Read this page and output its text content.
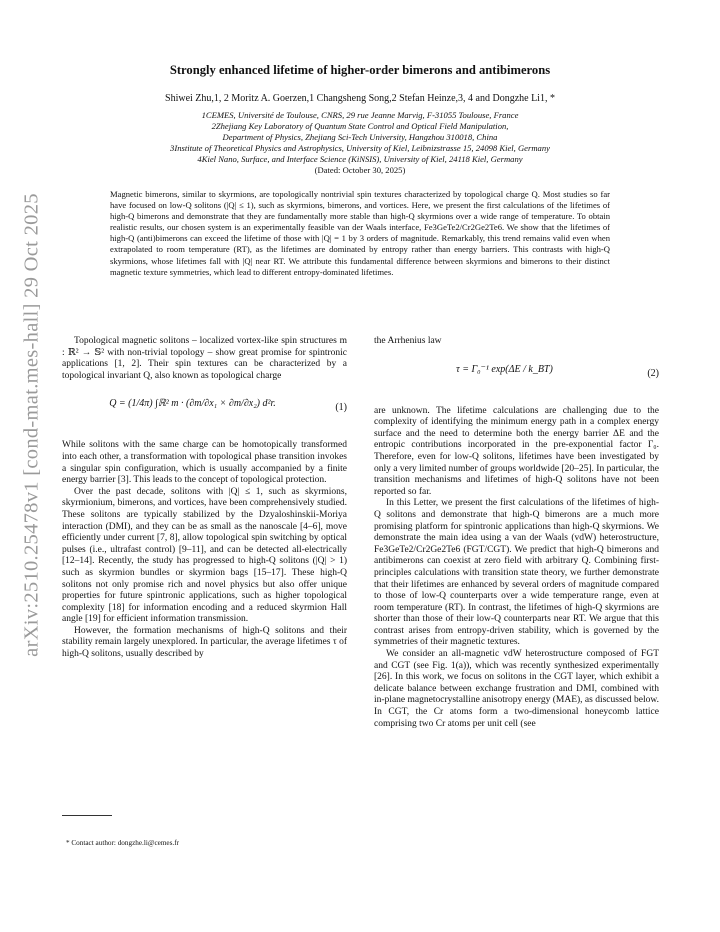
arXiv:2510.25478v1 [cond-mat.mes-hall] 29 Oct 2025
Strongly enhanced lifetime of higher-order bimerons and antibimerons
Shiwei Zhu,1, 2 Moritz A. Goerzen,1 Changsheng Song,2 Stefan Heinze,3, 4 and Dongzhe Li1, *
1CEMES, Université de Toulouse, CNRS, 29 rue Jeanne Marvig, F-31055 Toulouse, France
2Zhejiang Key Laboratory of Quantum State Control and Optical Field Manipulation,
Department of Physics, Zhejiang Sci-Tech University, Hangzhou 310018, China
3Institute of Theoretical Physics and Astrophysics, University of Kiel, Leibnizstrasse 15, 24098 Kiel, Germany
4Kiel Nano, Surface, and Interface Science (KiNSIS), University of Kiel, 24118 Kiel, Germany
(Dated: October 30, 2025)
Magnetic bimerons, similar to skyrmions, are topologically nontrivial spin textures characterized by topological charge Q. Most studies so far have focused on low-Q solitons (|Q| ≤ 1), such as skyrmions, bimerons, and vortices. Here, we present the first calculations of the lifetimes of high-Q bimerons and demonstrate that they are fundamentally more stable than high-Q skyrmions over a wide range of temperature. To obtain realistic results, our chosen system is an experimentally feasible van der Waals interface, Fe3GeTe2/Cr2Ge2Te6. We show that the lifetimes of high-Q (anti)bimerons can exceed the lifetime of those with |Q| = 1 by 3 orders of magnitude. Remarkably, this trend remains valid even when extrapolated to room temperature (RT), as the lifetimes are dominated by entropy rather than energy barriers. This contrasts with high-Q skyrmions, whose lifetimes fall with |Q| near RT. We attribute this fundamental difference between skyrmions and bimerons to their distinct magnetic texture symmetries, which lead to different entropy-dominated lifetimes.

Topological magnetic solitons – localized vortex-like spin structures m : ℝ² → 𝕊² with non-trivial topology – show great promise for spintronic applications [1, 2]. Their spin textures can be characterized by a topological invariant Q, also known as topological charge

Q = (1/4π) ∫ℝ² m · (∂m/∂x₁ × ∂m/∂x₂) d²r.	(1)

While solitons with the same charge can be homotopically transformed into each other, a transformation with topological phase transition invokes a singular spin configuration, which is usually accompanied by a finite energy barrier [3]. This leads to the concept of topological protection.

Over the past decade, solitons with |Q| ≤ 1, such as skyrmions, skyrmionium, bimerons, and vortices, have been comprehensively studied. These solitons are typically stabilized by the Dzyaloshinskii-Moriya interaction (DMI), and they can be as small as the nanoscale [4–6], move efficiently under current [7, 8], allow topological spin switching by optical pulses (i.e., ultrafast control) [9–11], and can be detected all-electrically [12–14]. Recently, the study has progressed to high-Q solitons (|Q| > 1) such as skyrmion bundles or skyrmion bags [15–17]. These high-Q solitons not only promise rich and novel physics but also offer unique properties for future spintronic applications, such as higher topological complexity [18] for information encoding and a reduced skyrmion Hall angle [19] for efficient information transmission.

However, the formation mechanisms of high-Q solitons and their stability remain largely unexplored. In particular, the average lifetimes τ of high-Q solitons, usually described by

the Arrhenius law

τ = Γ₀⁻¹ exp(ΔE / k_BT)	(2)

are unknown. The lifetime calculations are challenging due to the complexity of identifying the minimum energy path in a complex energy surface and the need to determine both the energy barrier ΔE and the entropic contributions incorporated in the pre-exponential factor Γ₀. Therefore, even for low-Q solitons, lifetimes have been investigated by only a very limited number of groups worldwide [20–25]. In particular, the transition mechanisms and lifetimes of high-Q solitons have not been reported so far.

In this Letter, we present the first calculations of the lifetimes of high-Q solitons and demonstrate that high-Q bimerons are a much more promising platform for spintronic applications than high-Q skyrmions. We demonstrate the main idea using a van der Waals (vdW) heterostructure, Fe3GeTe2/Cr2Ge2Te6 (FGT/CGT). We predict that high-Q bimerons and antibimerons can coexist at zero field with arbitrary Q. Combining first-principles calculations with transition state theory, we further demonstrate that their lifetimes are enhanced by several orders of magnitude compared to those of low-Q counterparts over a wide temperature range, even at room temperature (RT). In contrast, the lifetimes of high-Q skyrmions are shorter than those of their low-Q counterparts near RT. We argue that this contrast arises from entropy-driven stability, which is governed by the symmetries of their magnetic textures.

We consider an all-magnetic vdW heterostructure composed of FGT and CGT (see Fig. 1(a)), which was recently synthesized experimentally [26]. In this work, we focus on solitons in the CGT layer, which exhibit a delicate balance between exchange frustration and DMI, combined with in-plane magnetocrystalline anisotropy energy (MAE), as discussed below. In CGT, the Cr atoms form a two-dimensional honeycomb lattice comprising two Cr atoms per unit cell (see

* Contact author: dongzhe.li@cemes.fr
